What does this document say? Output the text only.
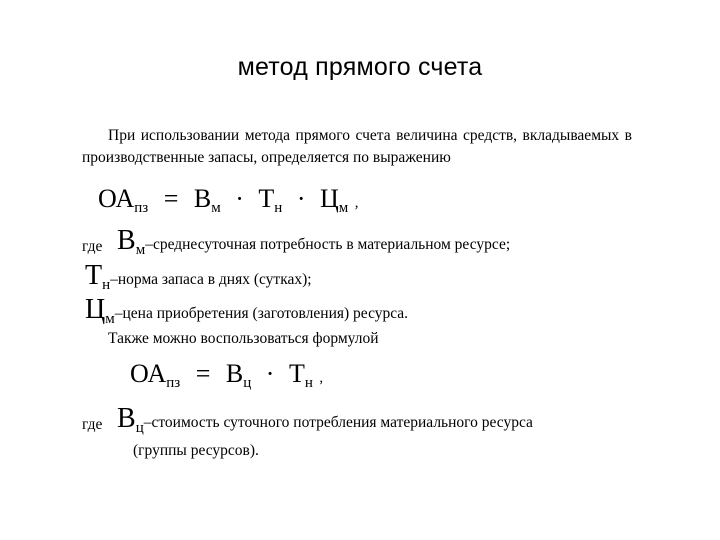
метод прямого счета
При использовании метода прямого счета величина средств, вкладываемых в производственные запасы, определяется по выражению
ОАпз = Вм · Тн · Цм ,
где Вм–среднесуточная потребность в материальном ресурсе;
Тн–норма запаса в днях (сутках);
Цм–цена приобретения (заготовления) ресурса.
Также можно воспользоваться формулой
ОАпз = Вц · Тн ,
где Вц–стоимость суточного потребления материального ресурса
(группы ресурсов).
